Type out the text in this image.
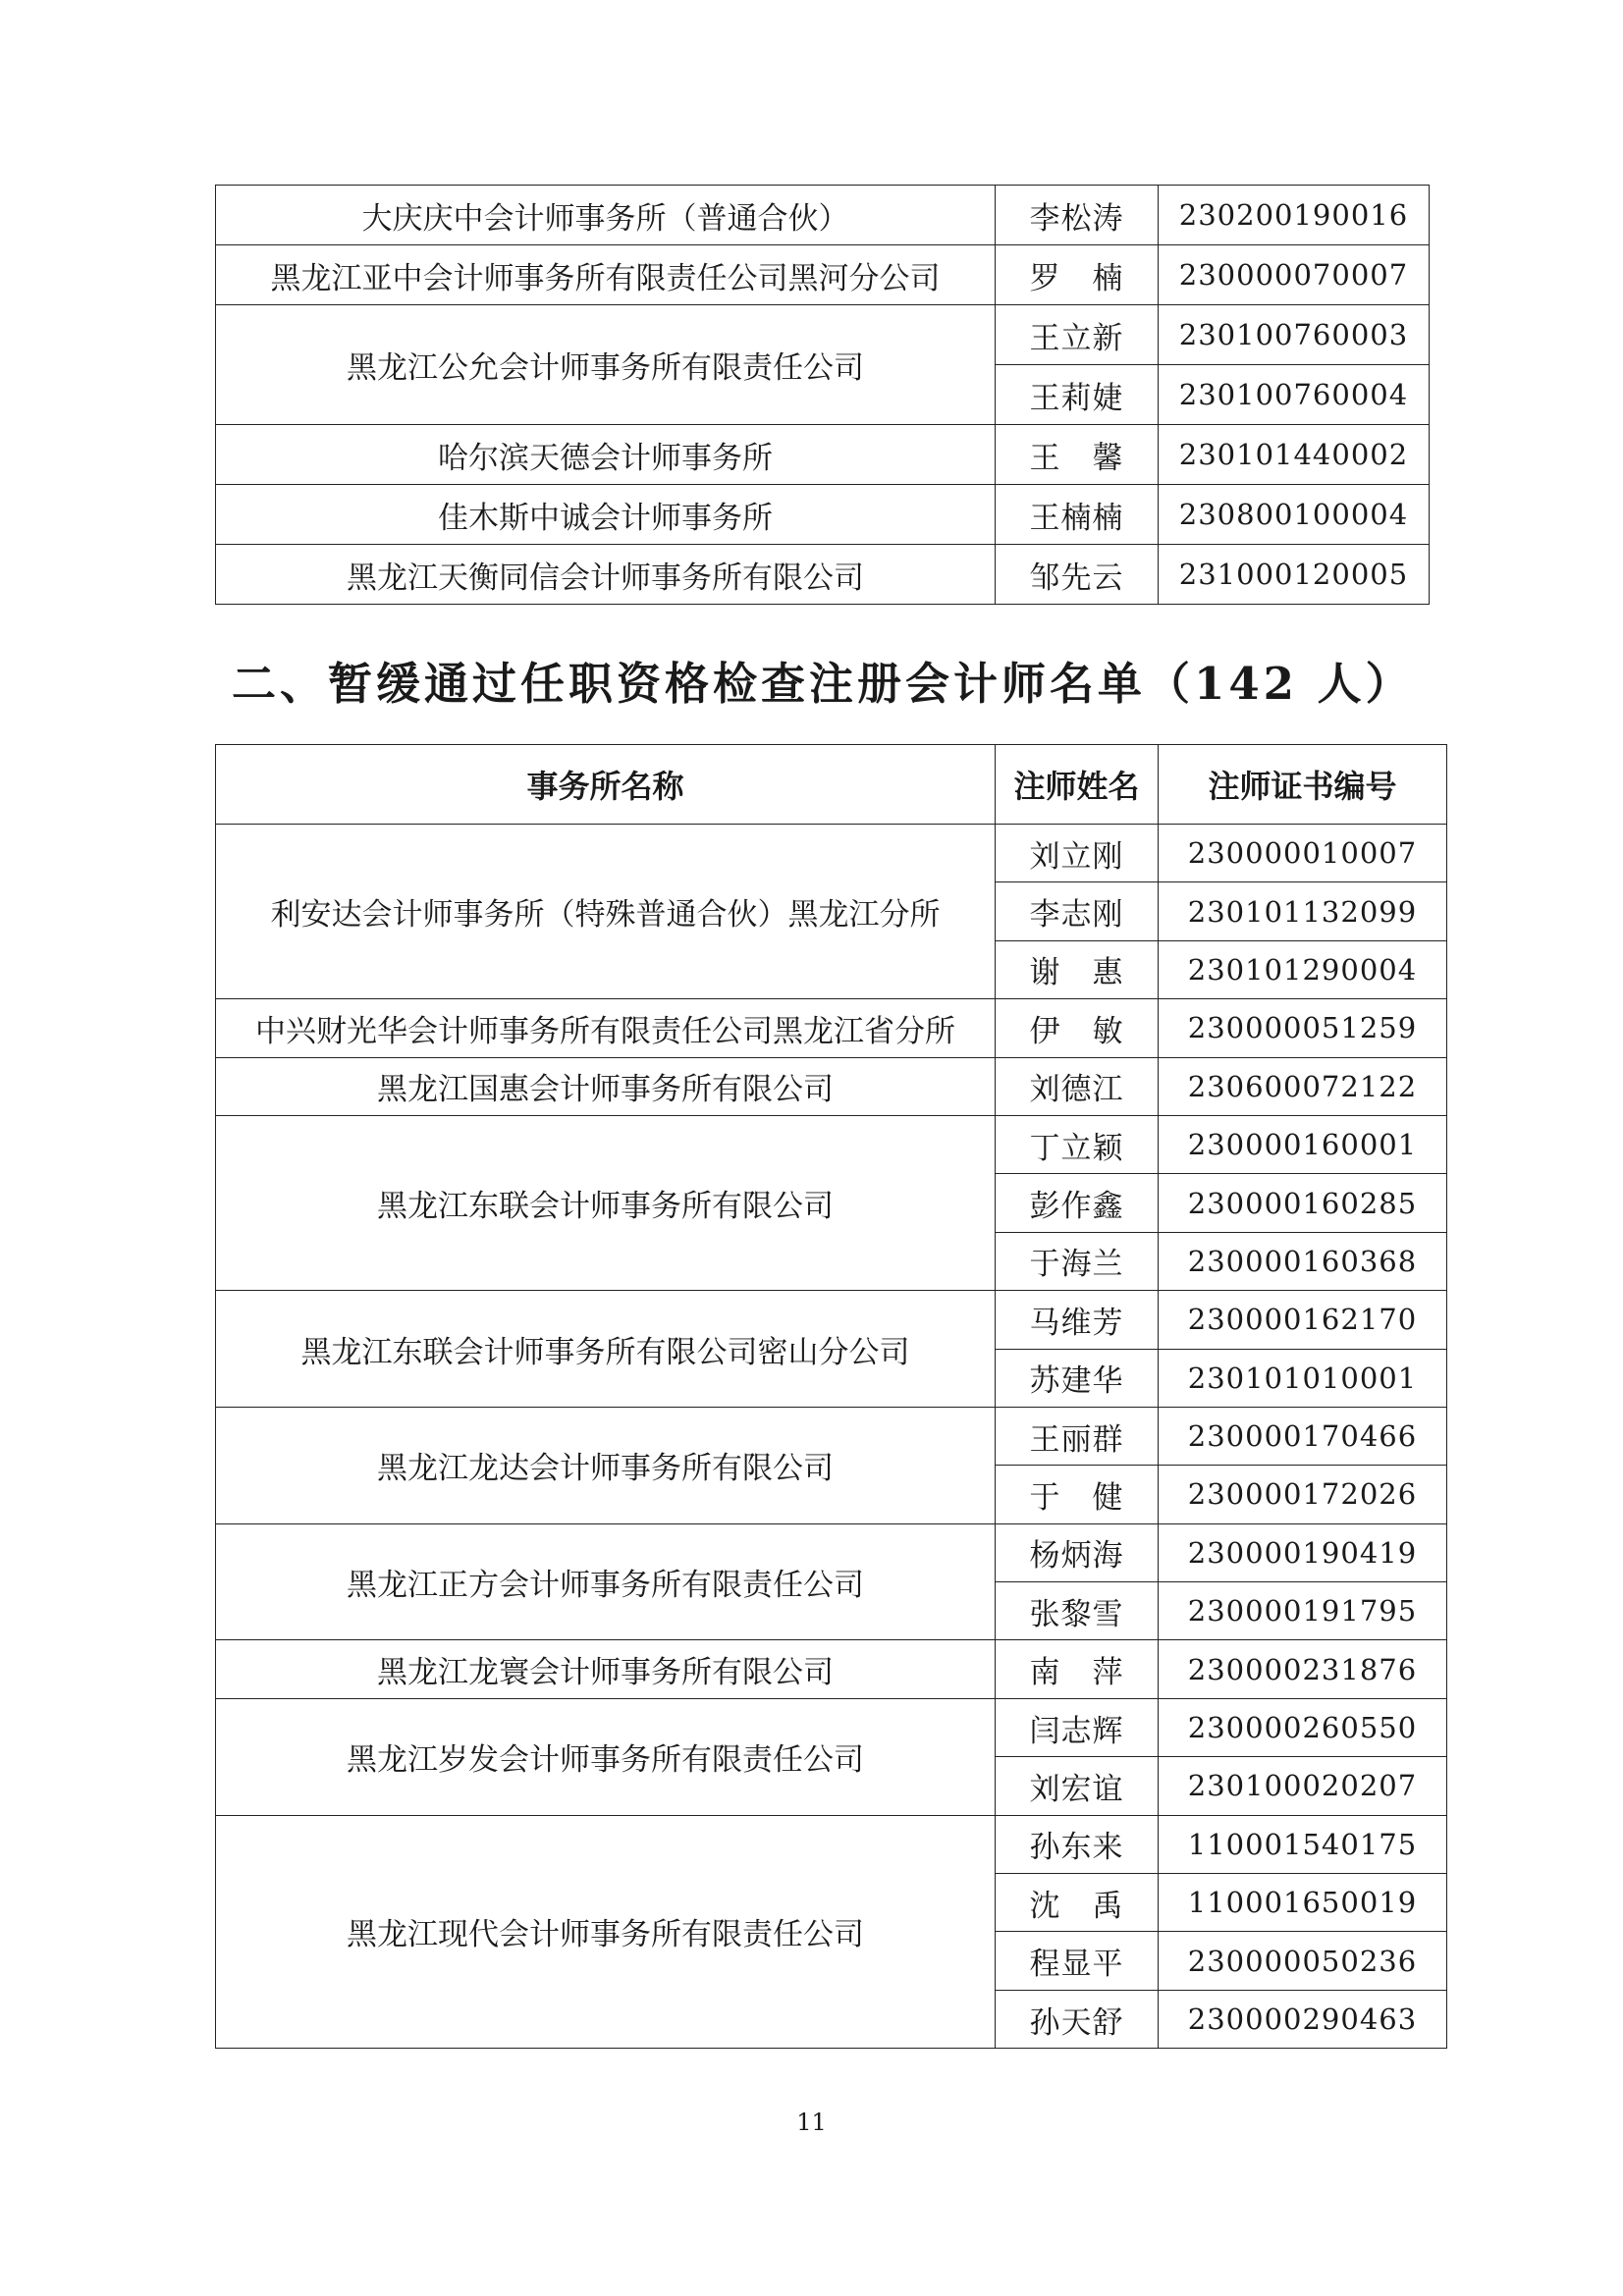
大庆庆中会计师事务所（普通合伙）	李松涛	230200190016
黑龙江亚中会计师事务所有限责任公司黑河分公司	罗　楠	230000070007
黑龙江公允会计师事务所有限责任公司	王立新	230100760003
	王莉婕	230100760004
哈尔滨天德会计师事务所	王　馨	230101440002
佳木斯中诚会计师事务所	王楠楠	230800100004
黑龙江天衡同信会计师事务所有限公司	邹先云	231000120005
二、暂缓通过任职资格检查注册会计师名单（142 人）
事务所名称	注师姓名	注师证书编号
利安达会计师事务所（特殊普通合伙）黑龙江分所	刘立刚	230000010007
	李志刚	230101132099
	谢　惠	230101290004
中兴财光华会计师事务所有限责任公司黑龙江省分所	伊　敏	230000051259
黑龙江国惠会计师事务所有限公司	刘德江	230600072122
黑龙江东联会计师事务所有限公司	丁立颖	230000160001
	彭作鑫	230000160285
	于海兰	230000160368
黑龙江东联会计师事务所有限公司密山分公司	马维芳	230000162170
	苏建华	230101010001
黑龙江龙达会计师事务所有限公司	王丽群	230000170466
	于　健	230000172026
黑龙江正方会计师事务所有限责任公司	杨炳海	230000190419
	张黎雪	230000191795
黑龙江龙寰会计师事务所有限公司	南　萍	230000231876
黑龙江岁发会计师事务所有限责任公司	闫志辉	230000260550
	刘宏谊	230100020207
黑龙江现代会计师事务所有限责任公司	孙东来	110001540175
	沈　禹	110001650019
	程显平	230000050236
	孙天舒	230000290463
11
